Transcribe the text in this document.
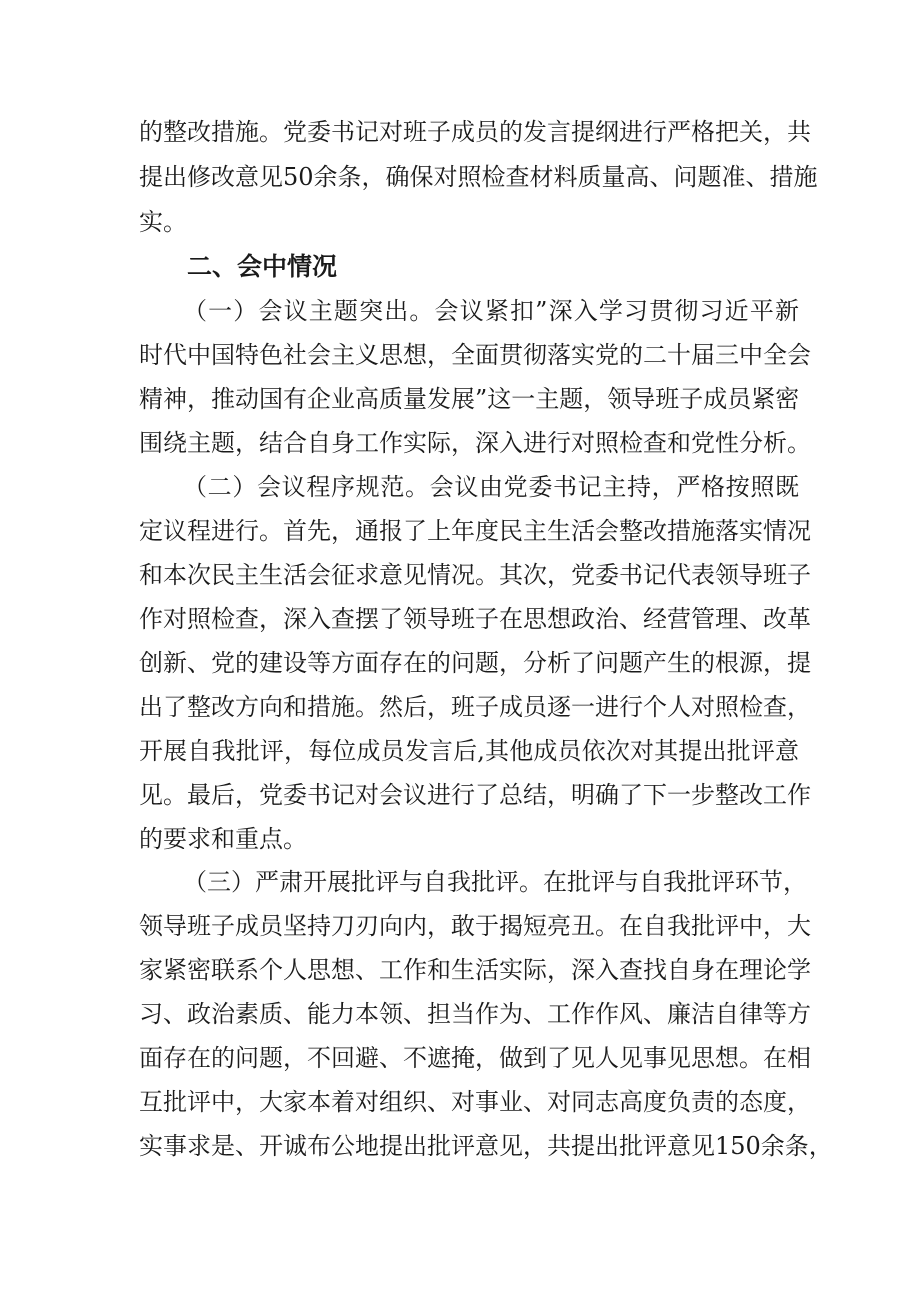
的整改措施。党委书记对班子成员的发言提纲进行严格把关，共
提出修改意见50余条，确保对照检查材料质量高、问题准、措施
实。
二、会中情况
（一）会议主题突出。会议紧扣”深入学习贯彻习近平新
时代中国特色社会主义思想，全面贯彻落实党的二十届三中全会
精神，推动国有企业高质量发展”这一主题，领导班子成员紧密
围绕主题，结合自身工作实际，深入进行对照检查和党性分析。
（二）会议程序规范。会议由党委书记主持，严格按照既
定议程进行。首先，通报了上年度民主生活会整改措施落实情况
和本次民主生活会征求意见情况。其次，党委书记代表领导班子
作对照检查，深入查摆了领导班子在思想政治、经营管理、改革
创新、党的建设等方面存在的问题，分析了问题产生的根源，提
出了整改方向和措施。然后，班子成员逐一进行个人对照检查，
开展自我批评，每位成员发言后,其他成员依次对其提出批评意
见。最后，党委书记对会议进行了总结，明确了下一步整改工作
的要求和重点。
（三）严肃开展批评与自我批评。在批评与自我批评环节，
领导班子成员坚持刀刃向内，敢于揭短亮丑。在自我批评中，大
家紧密联系个人思想、工作和生活实际，深入查找自身在理论学
习、政治素质、能力本领、担当作为、工作作风、廉洁自律等方
面存在的问题，不回避、不遮掩，做到了见人见事见思想。在相
互批评中，大家本着对组织、对事业、对同志高度负责的态度，
实事求是、开诚布公地提出批评意见，共提出批评意见150余条，
